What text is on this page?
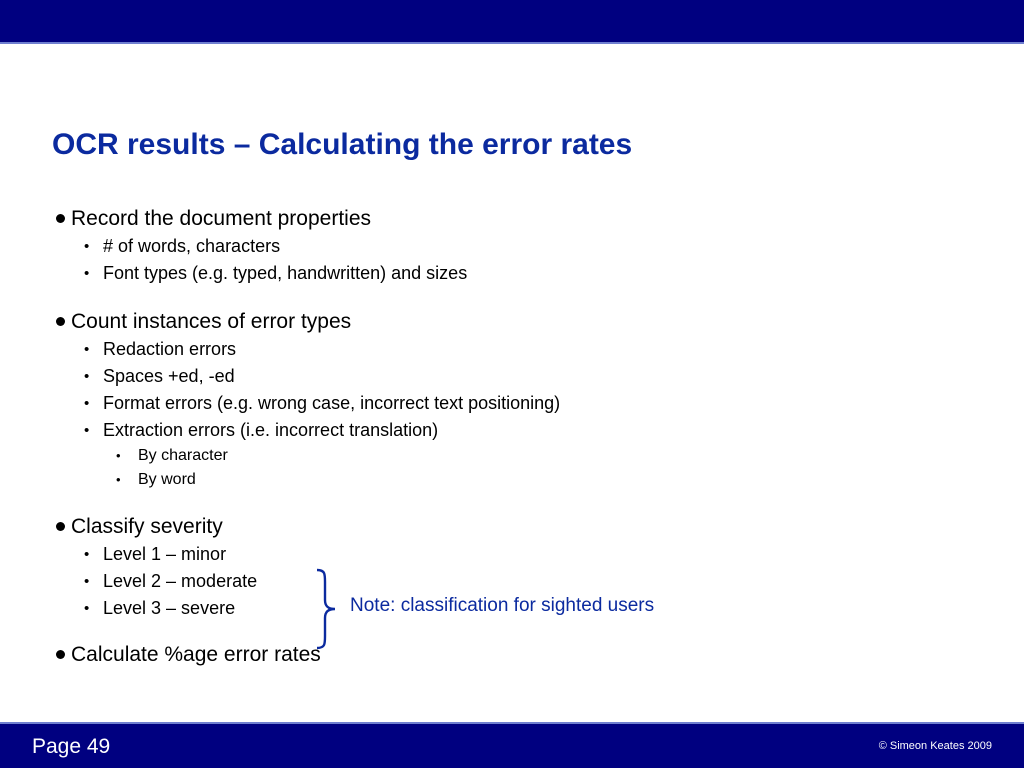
OCR results – Calculating the error rates
Record the document properties
• # of words, characters
• Font types (e.g. typed, handwritten) and sizes
Count instances of error types
• Redaction errors
• Spaces +ed, -ed
• Format errors (e.g. wrong case, incorrect text positioning)
• Extraction errors (i.e. incorrect translation)
• By character
• By word
Classify severity
• Level 1 – minor
• Level 2 – moderate
• Level 3 – severe
Calculate %age error rates
Note: classification for sighted users
Page 49	© Simeon Keates 2009
